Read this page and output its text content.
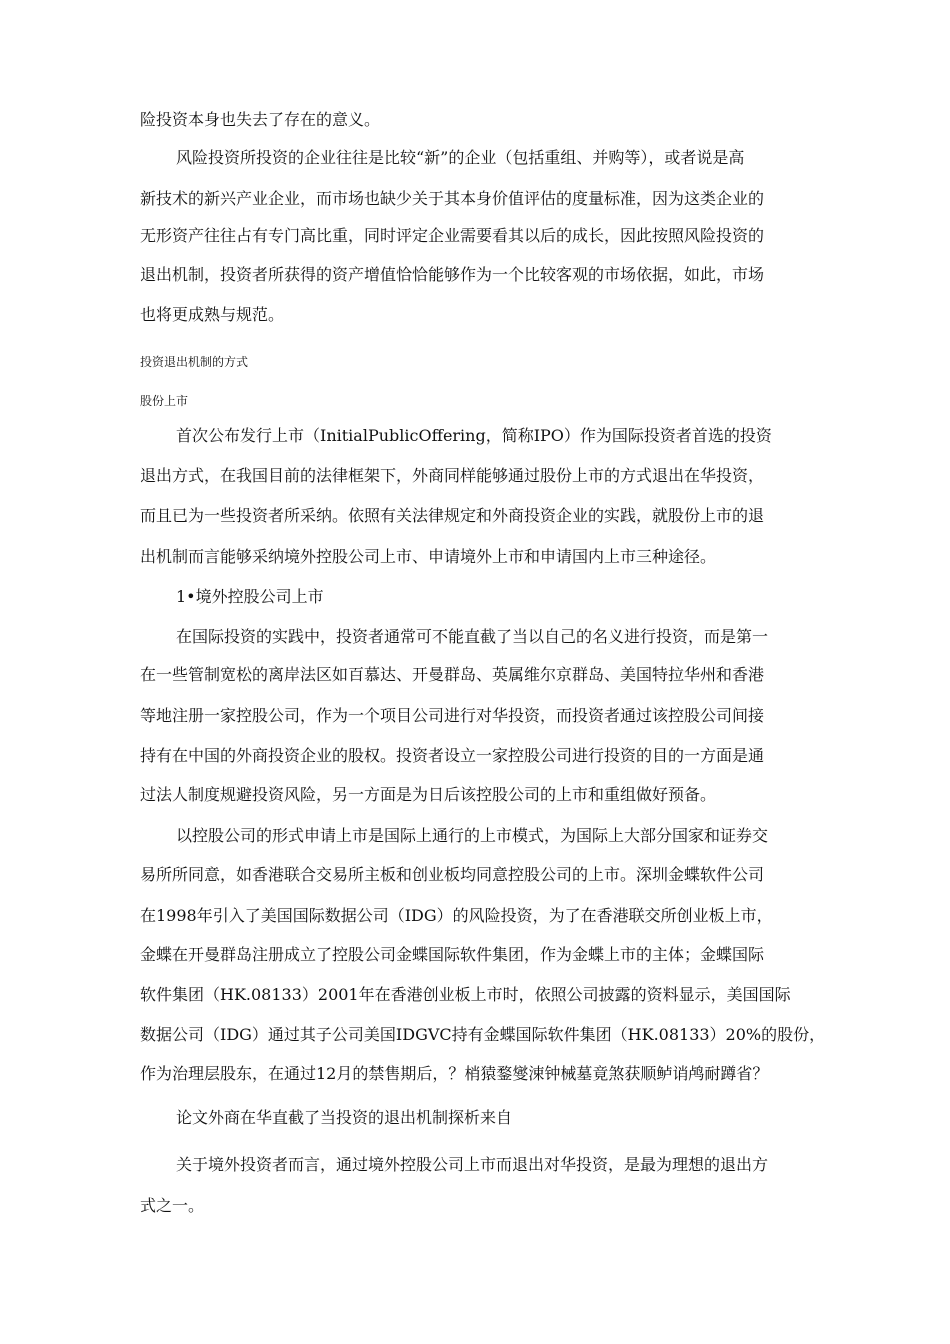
险投资本身也失去了存在的意义。

风险投资所投资的企业往往是比较“新”的企业（包括重组、并购等），或者说是高

新技术的新兴产业企业，而市场也缺少关于其本身价值评估的度量标准，因为这类企业的

无形资产往往占有专门高比重，同时评定企业需要看其以后的成长，因此按照风险投资的

退出机制，投资者所获得的资产增值恰恰能够作为一个比较客观的市场依据，如此，市场

也将更成熟与规范。

投资退出机制的方式

股份上市

首次公布发行上市（InitialPublicOffering，简称IPO）作为国际投资者首选的投资

退出方式，在我国目前的法律框架下，外商同样能够通过股份上市的方式退出在华投资，

而且已为一些投资者所采纳。依照有关法律规定和外商投资企业的实践，就股份上市的退

出机制而言能够采纳境外控股公司上市、申请境外上市和申请国内上市三种途径。

1•境外控股公司上市

在国际投资的实践中，投资者通常可不能直截了当以自己的名义进行投资，而是第一

在一些管制宽松的离岸法区如百慕达、开曼群岛、英属维尔京群岛、美国特拉华州和香港

等地注册一家控股公司，作为一个项目公司进行对华投资，而投资者通过该控股公司间接

持有在中国的外商投资企业的股权。投资者设立一家控股公司进行投资的目的一方面是通

过法人制度规避投资风险，另一方面是为日后该控股公司的上市和重组做好预备。

以控股公司的形式申请上市是国际上通行的上市模式，为国际上大部分国家和证券交

易所所同意，如香港联合交易所主板和创业板均同意控股公司的上市。深圳金蝶软件公司

在1998年引入了美国国际数据公司（IDG）的风险投资，为了在香港联交所创业板上市，

金蝶在开曼群岛注册成立了控股公司金蝶国际软件集团，作为金蝶上市的主体；金蝶国际

软件集团（HK.08133）2001年在香港创业板上市时，依照公司披露的资料显示，美国国际

数据公司（IDG）通过其子公司美国IDGVC持有金蝶国际软件集团（HK.08133）20%的股份，

作为治理层股东，在通过12月的禁售期后，？梢猿鍪燮涑钟械墓竟煞获顺鲈诮鸬耐蹲省？

论文外商在华直截了当投资的退出机制探析来自

关于境外投资者而言，通过境外控股公司上市而退出对华投资，是最为理想的退出方

式之一。
